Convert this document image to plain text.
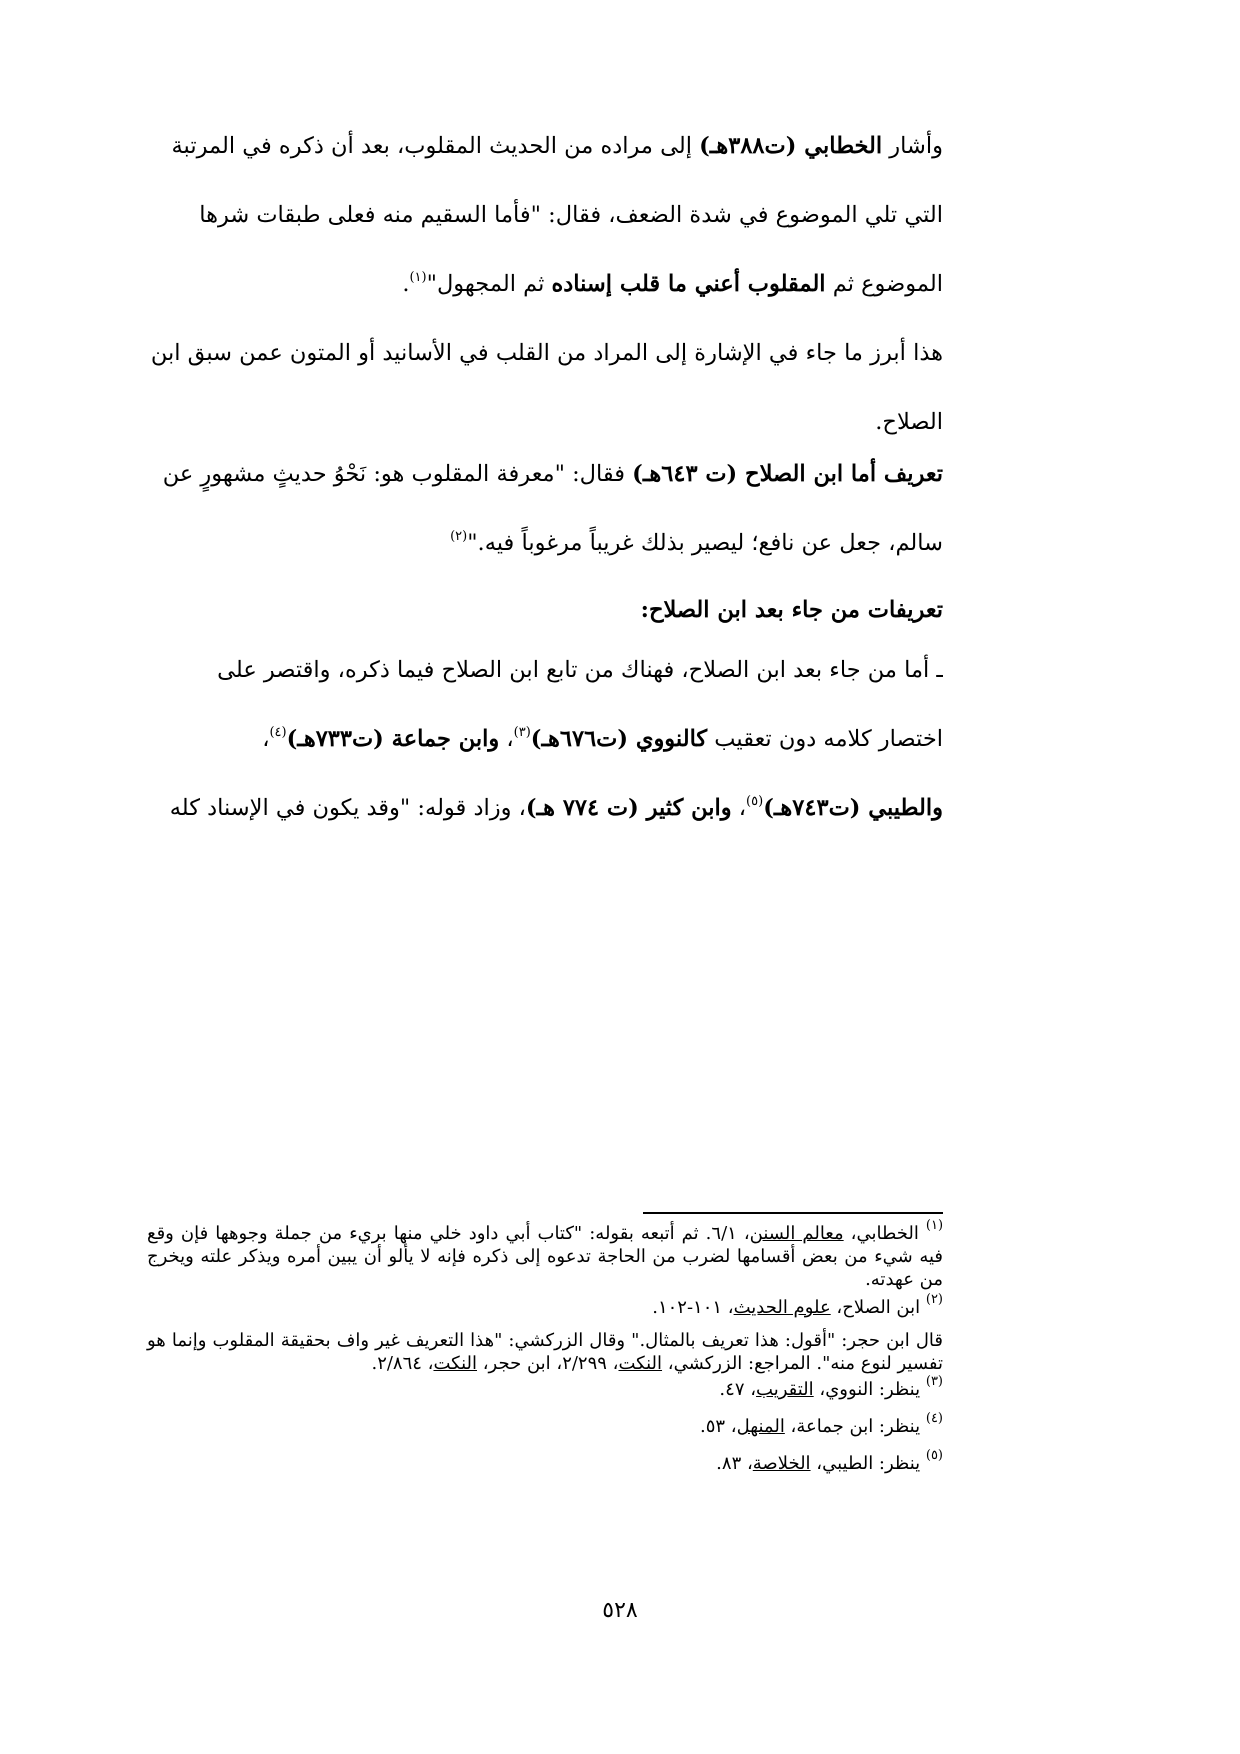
وأشار الخطابي (ت٣٨٨هـ) إلى مراده من الحديث المقلوب، بعد أن ذكره في المرتبة
التي تلي الموضوع في شدة الضعف، فقال: "فأما السقيم منه فعلى طبقات شرها
الموضوع ثم المقلوب أعني ما قلب إسناده ثم المجهول"$^{(١)}$.
هذا أبرز ما جاء في الإشارة إلى المراد من القلب في الأسانيد أو المتون عمن سبق ابن
الصلاح.
تعريف أما ابن الصلاح (ت ٦٤٣هـ) فقال: "معرفة المقلوب هو: نَحْوُ حديثٍ مشهورٍ عن
سالم، جعل عن نافع؛ ليصير بذلك غريباً مرغوباً فيه."$^{(٢)}$
تعريفات من جاء بعد ابن الصلاح:
ـ أما من جاء بعد ابن الصلاح، فهناك من تابع ابن الصلاح فيما ذكره، واقتصر على
اختصار كلامه دون تعقيب كالنووي (ت٦٧٦هـ)$^{(٣)}$، وابن جماعة (ت٧٣٣هـ)$^{(٤)}$،
والطيبي (ت٧٤٣هـ)$^{(٥)}$، وابن كثير (ت ٧٧٤ هـ)، وزاد قوله: "وقد يكون في الإسناد كله
$^{(١)}$ الخطابي، معالم السنن، ٦/١. ثم أتبعه بقوله: "كتاب أبي داود خلي منها بريء من جملة وجوهها فإن وقع فيه شيء من بعض أقسامها لضرب من الحاجة تدعوه إلى ذكره فإنه لا يألو أن يبين أمره ويذكر علته ويخرج من عهدته.
$^{(٢)}$ ابن الصلاح، علوم الحديث، ١٠١-١٠٢.
قال ابن حجر: "أقول: هذا تعريف بالمثال." وقال الزركشي: "هذا التعريف غير واف بحقيقة المقلوب وإنما هو تفسير لنوع منه". المراجع: الزركشي، النكت، ٢/٢٩٩، ابن حجر، النكت، ٢/٨٦٤.
$^{(٣)}$ ينظر: النووي، التقريب، ٤٧.
$^{(٤)}$ ينظر: ابن جماعة، المنهل، ٥٣.
$^{(٥)}$ ينظر: الطيبي، الخلاصة، ٨٣.
٥٢٨
